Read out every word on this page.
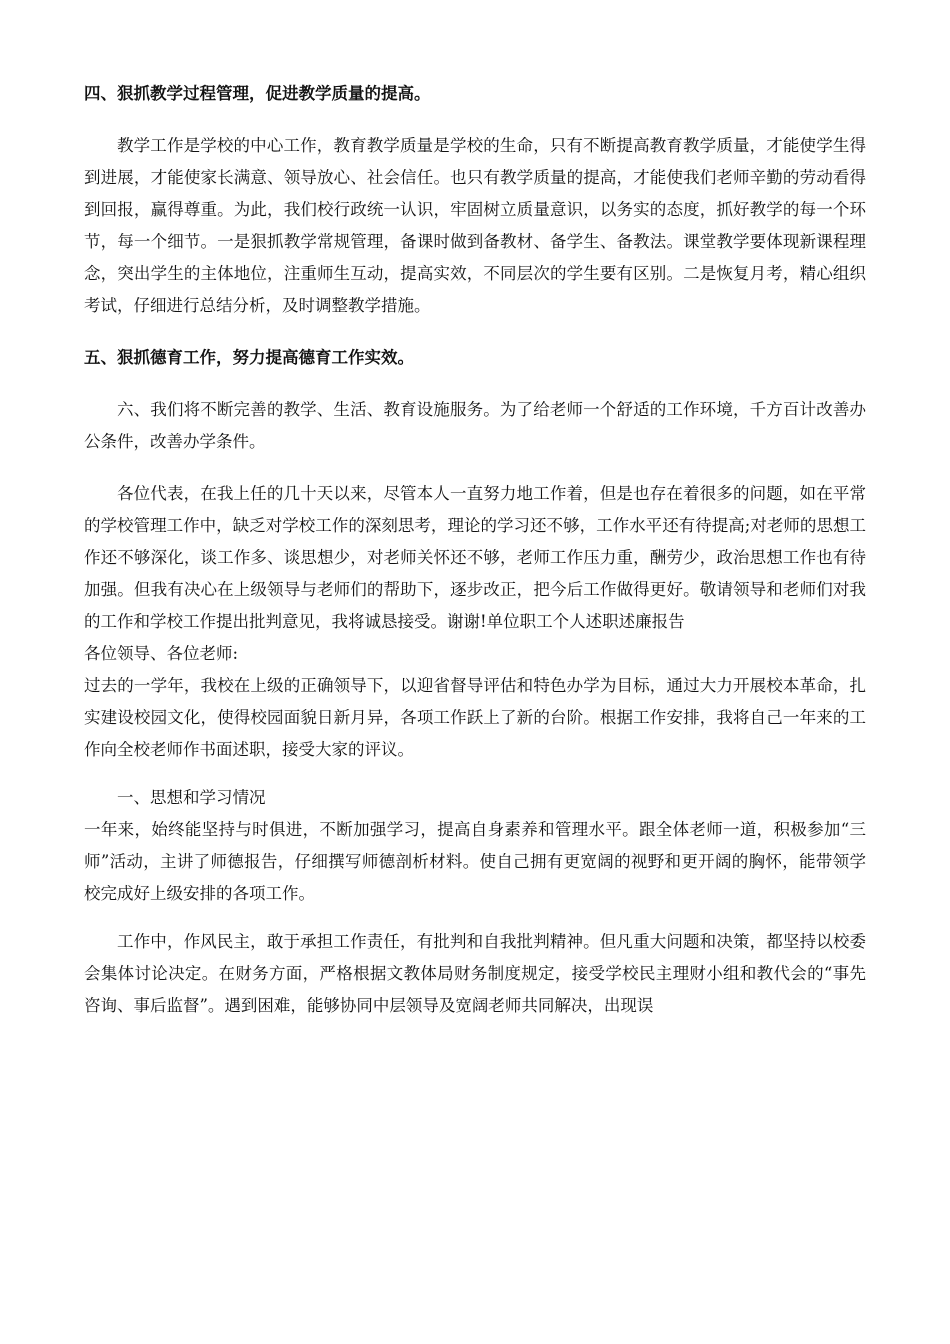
四、狠抓教学过程管理，促进教学质量的提高。

教学工作是学校的中心工作，教育教学质量是学校的生命，只有不断提高教育教学质量，才能使学生得到进展，才能使家长满意、领导放心、社会信任。也只有教学质量的提高，才能使我们老师辛勤的劳动看得到回报，赢得尊重。为此，我们校行政统一认识，牢固树立质量意识，以务实的态度，抓好教学的每一个环节，每一个细节。一是狠抓教学常规管理，备课时做到备教材、备学生、备教法。课堂教学要体现新课程理念，突出学生的主体地位，注重师生互动，提高实效，不同层次的学生要有区别。二是恢复月考，精心组织考试，仔细进行总结分析，及时调整教学措施。

五、狠抓德育工作，努力提高德育工作实效。

六、我们将不断完善的教学、生活、教育设施服务。为了给老师一个舒适的工作环境，千方百计改善办公条件，改善办学条件。

各位代表，在我上任的几十天以来，尽管本人一直努力地工作着，但是也存在着很多的问题，如在平常的学校管理工作中，缺乏对学校工作的深刻思考，理论的学习还不够，工作水平还有待提高;对老师的思想工作还不够深化，谈工作多、谈思想少，对老师关怀还不够，老师工作压力重，酬劳少，政治思想工作也有待加强。但我有决心在上级领导与老师们的帮助下，逐步改正，把今后工作做得更好。敬请领导和老师们对我的工作和学校工作提出批判意见，我将诚恳接受。谢谢!单位职工个人述职述廉报告

各位领导、各位老师:

过去的一学年，我校在上级的正确领导下，以迎省督导评估和特色办学为目标，通过大力开展校本革命，扎实建设校园文化，使得校园面貌日新月异，各项工作跃上了新的台阶。根据工作安排，我将自己一年来的工作向全校老师作书面述职，接受大家的评议。

一、思想和学习情况

一年来，始终能坚持与时俱进，不断加强学习，提高自身素养和管理水平。跟全体老师一道，积极参加“三师”活动，主讲了师德报告，仔细撰写师德剖析材料。使自己拥有更宽阔的视野和更开阔的胸怀，能带领学校完成好上级安排的各项工作。

工作中，作风民主，敢于承担工作责任，有批判和自我批判精神。但凡重大问题和决策，都坚持以校委会集体讨论决定。在财务方面，严格根据文教体局财务制度规定，接受学校民主理财小组和教代会的“事先咨询、事后监督”。遇到困难，能够协同中层领导及宽阔老师共同解决，出现误
